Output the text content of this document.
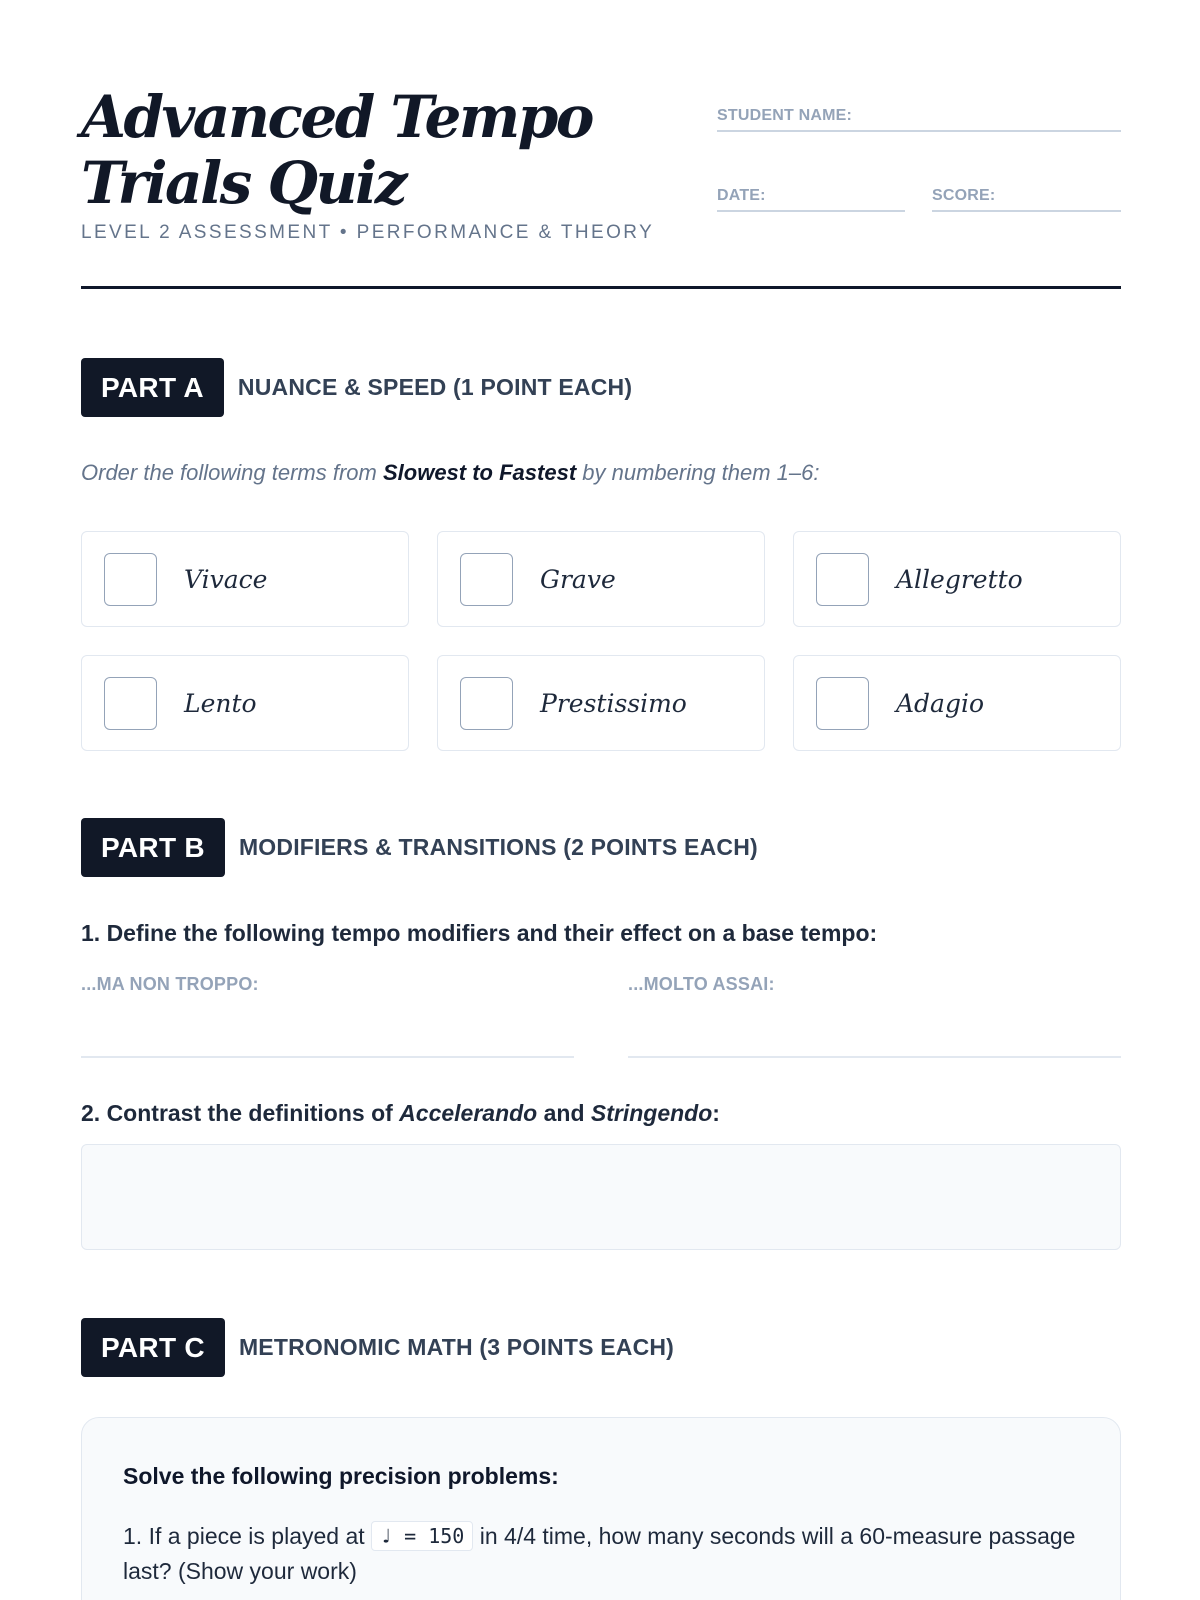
Advanced Tempo Trials Quiz
LEVEL 2 ASSESSMENT • PERFORMANCE & THEORY
STUDENT NAME:
DATE:	SCORE:
PART A	NUANCE & SPEED (1 POINT EACH)
Order the following terms from Slowest to Fastest by numbering them 1–6:
Vivace	Grave	Allegretto
Lento	Prestissimo	Adagio
PART B	MODIFIERS & TRANSITIONS (2 POINTS EACH)
1. Define the following tempo modifiers and their effect on a base tempo:
...MA NON TROPPO:	...MOLTO ASSAI:
2. Contrast the definitions of Accelerando and Stringendo:
PART C	METRONOMIC MATH (3 POINTS EACH)
Solve the following precision problems:
1. If a piece is played at ♩ = 150 in 4/4 time, how many seconds will a 60-measure passage last? (Show your work)
